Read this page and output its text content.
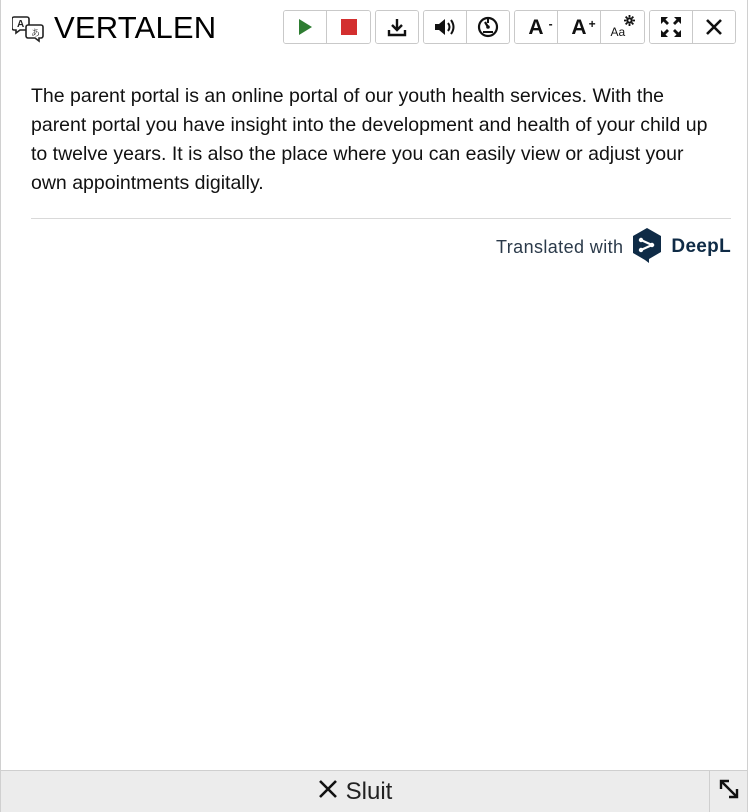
A
あ VERTALEN	A - A +
Aa

The parent portal is an online portal of our youth health services. With the parent portal you have insight into the development and health of your child up to twelve years. It is also the place where you can easily view or adjust your own appointments digitally.

Translated with	DeepL
Sluit
